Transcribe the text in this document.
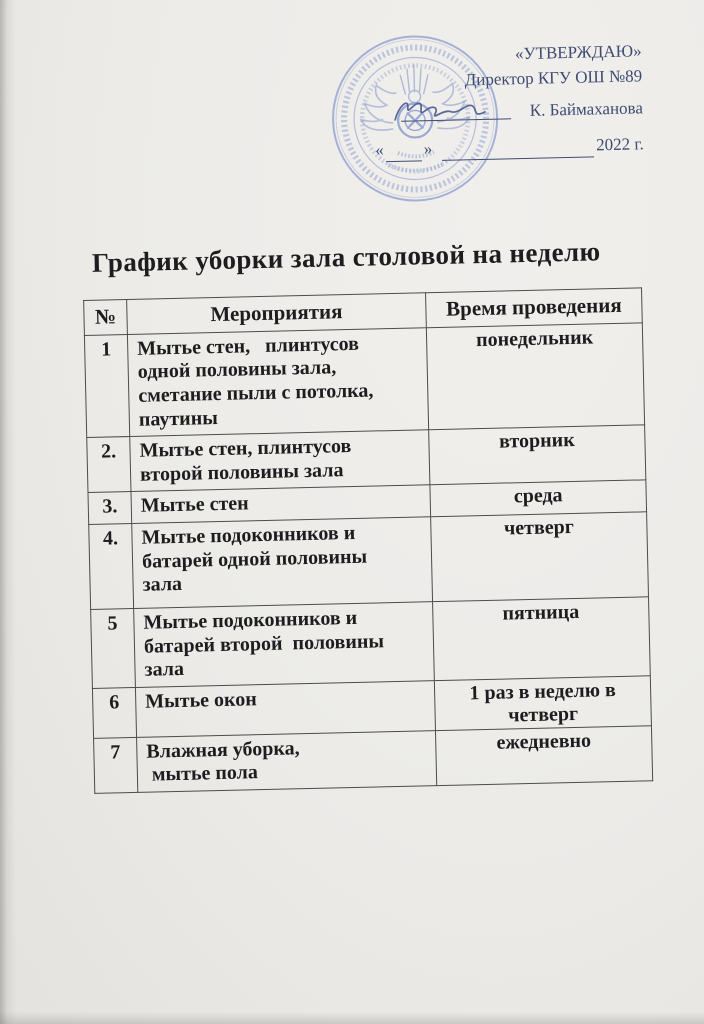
«УТВЕРЖДАЮ»
Директор КГУ ОШ №89
К. Баймаханова
« »	2022 г.
График уборки зала столовой на неделю
№	Мероприятия	Время проведения
1	Мытье стен,   плинтусов
одной половины зала,
сметание пыли с потолка,
паутины	понедельник
2.	Мытье стен, плинтусов
второй половины зала	вторник
3.	Мытье стен	среда
4.	Мытье подоконников и
батарей одной половины
зала	четверг
5	Мытье подоконников и
батарей второй  половины
зала	пятница
6	Мытье окон	1 раз в неделю в
четверг
7	Влажная уборка,
мытье пола	ежедневно
